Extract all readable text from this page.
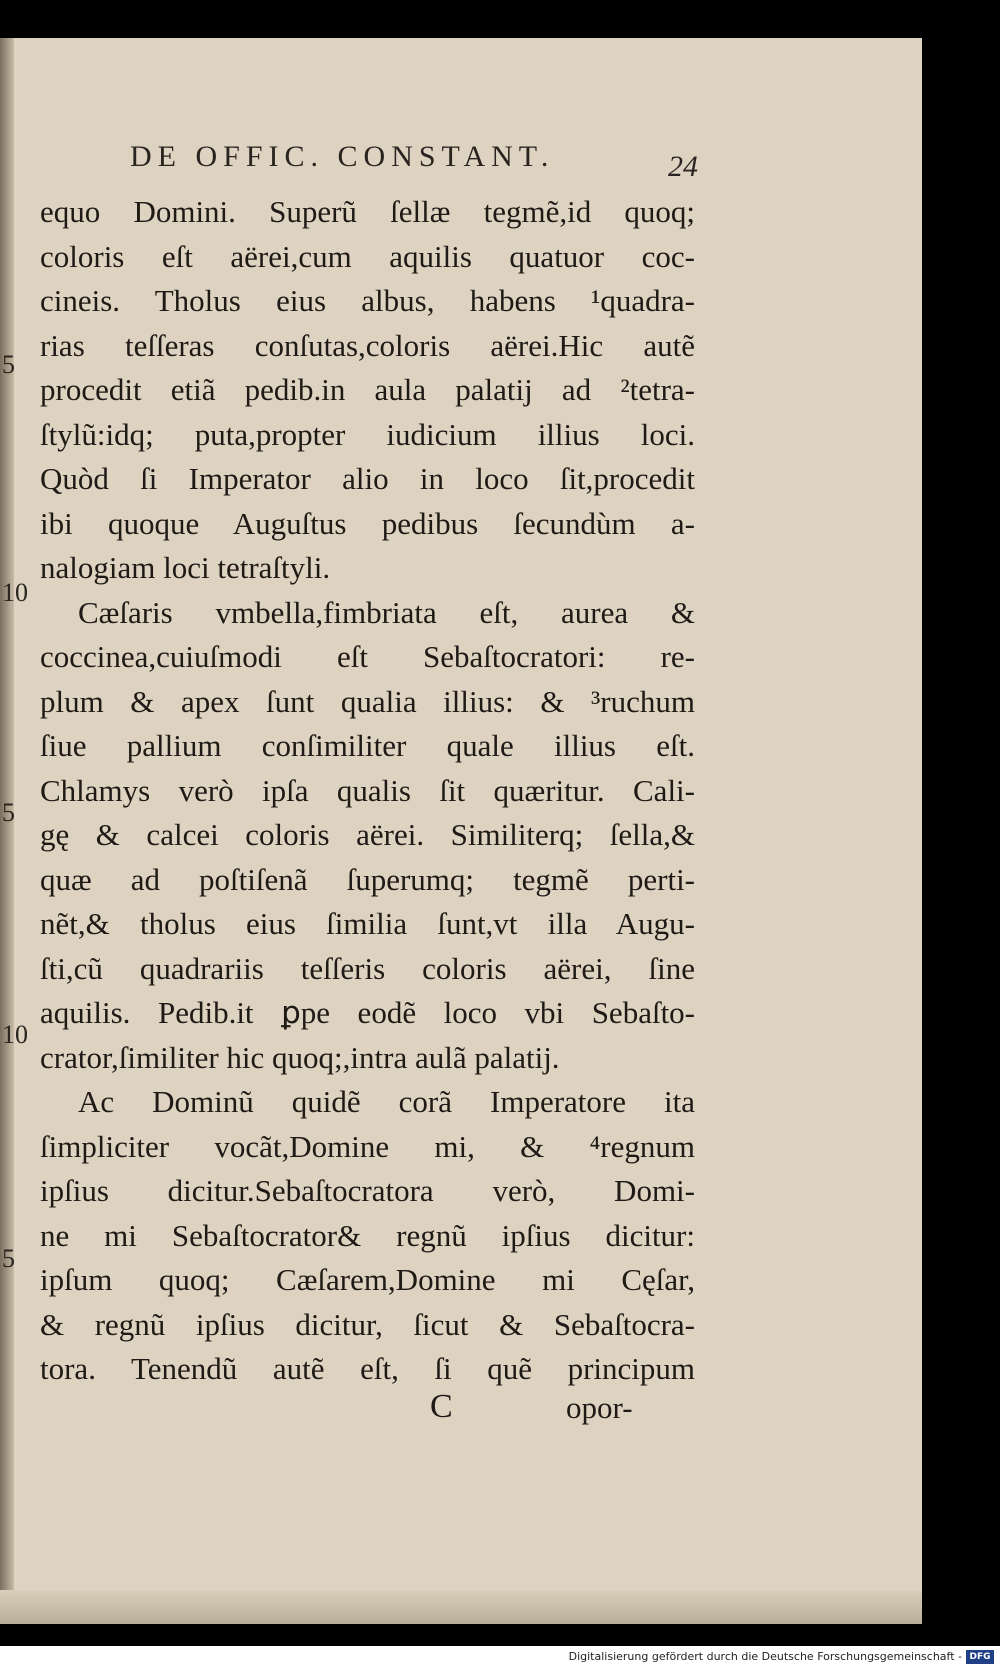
DE OFFIC. CONSTANT.	24
equo Domini. Superũ ſellæ tegmẽ,id quoq;
coloris eſt aërei,cum aquilis quatuor coc-
cineis. Tholus eius albus, habens ¹quadra-
rias teſſeras conſutas,coloris aërei.Hic autẽ
procedit etiã pedib.in aula palatij ad ²tetra-
ſtylũ:idq; puta,propter iudicium illius loci.
Quòd ſi Imperator alio in loco ſit,procedit
ibi quoque Auguſtus pedibus ſecundùm a-
nalogiam loci tetraſtyli.
Cæſaris vmbella,fimbriata eſt, aurea &
coccinea,cuiuſmodi eſt Sebaſtocratori: re-
plum & apex ſunt qualia illius: & ³ruchum
ſiue pallium conſimiliter quale illius eſt.
Chlamys verò ipſa qualis ſit quæritur. Cali-
gę & calcei coloris aërei. Similiterq; ſella,&
quæ ad poſtiſenã ſuperumq; tegmẽ perti-
nẽt,& tholus eius ſimilia ſunt,vt illa Augu-
ſti,cũ quadrariis teſſeris coloris aërei, ſine
aquilis. Pedib.it ꝑpe eodẽ loco vbi Sebaſto-
crator,ſimiliter hic quoq;,intra aulã palatij.
Ac Dominũ quidẽ corã Imperatore ita
ſimpliciter vocãt,Domine mi, & ⁴regnum
ipſius dicitur.Sebaſtocratora verò, Domi-
ne mi Sebaſtocrator& regnũ ipſius dicitur:
ipſum quoq; Cæſarem,Domine mi Cęſar,
& regnũ ipſius dicitur, ſicut & Sebaſtocra-
tora. Tenendũ autẽ eſt, ſi quẽ principum
5
10
5
10
5
C	opor-
Digitalisierung gefördert durch die Deutsche Forschungsgemeinschaft - DFG
